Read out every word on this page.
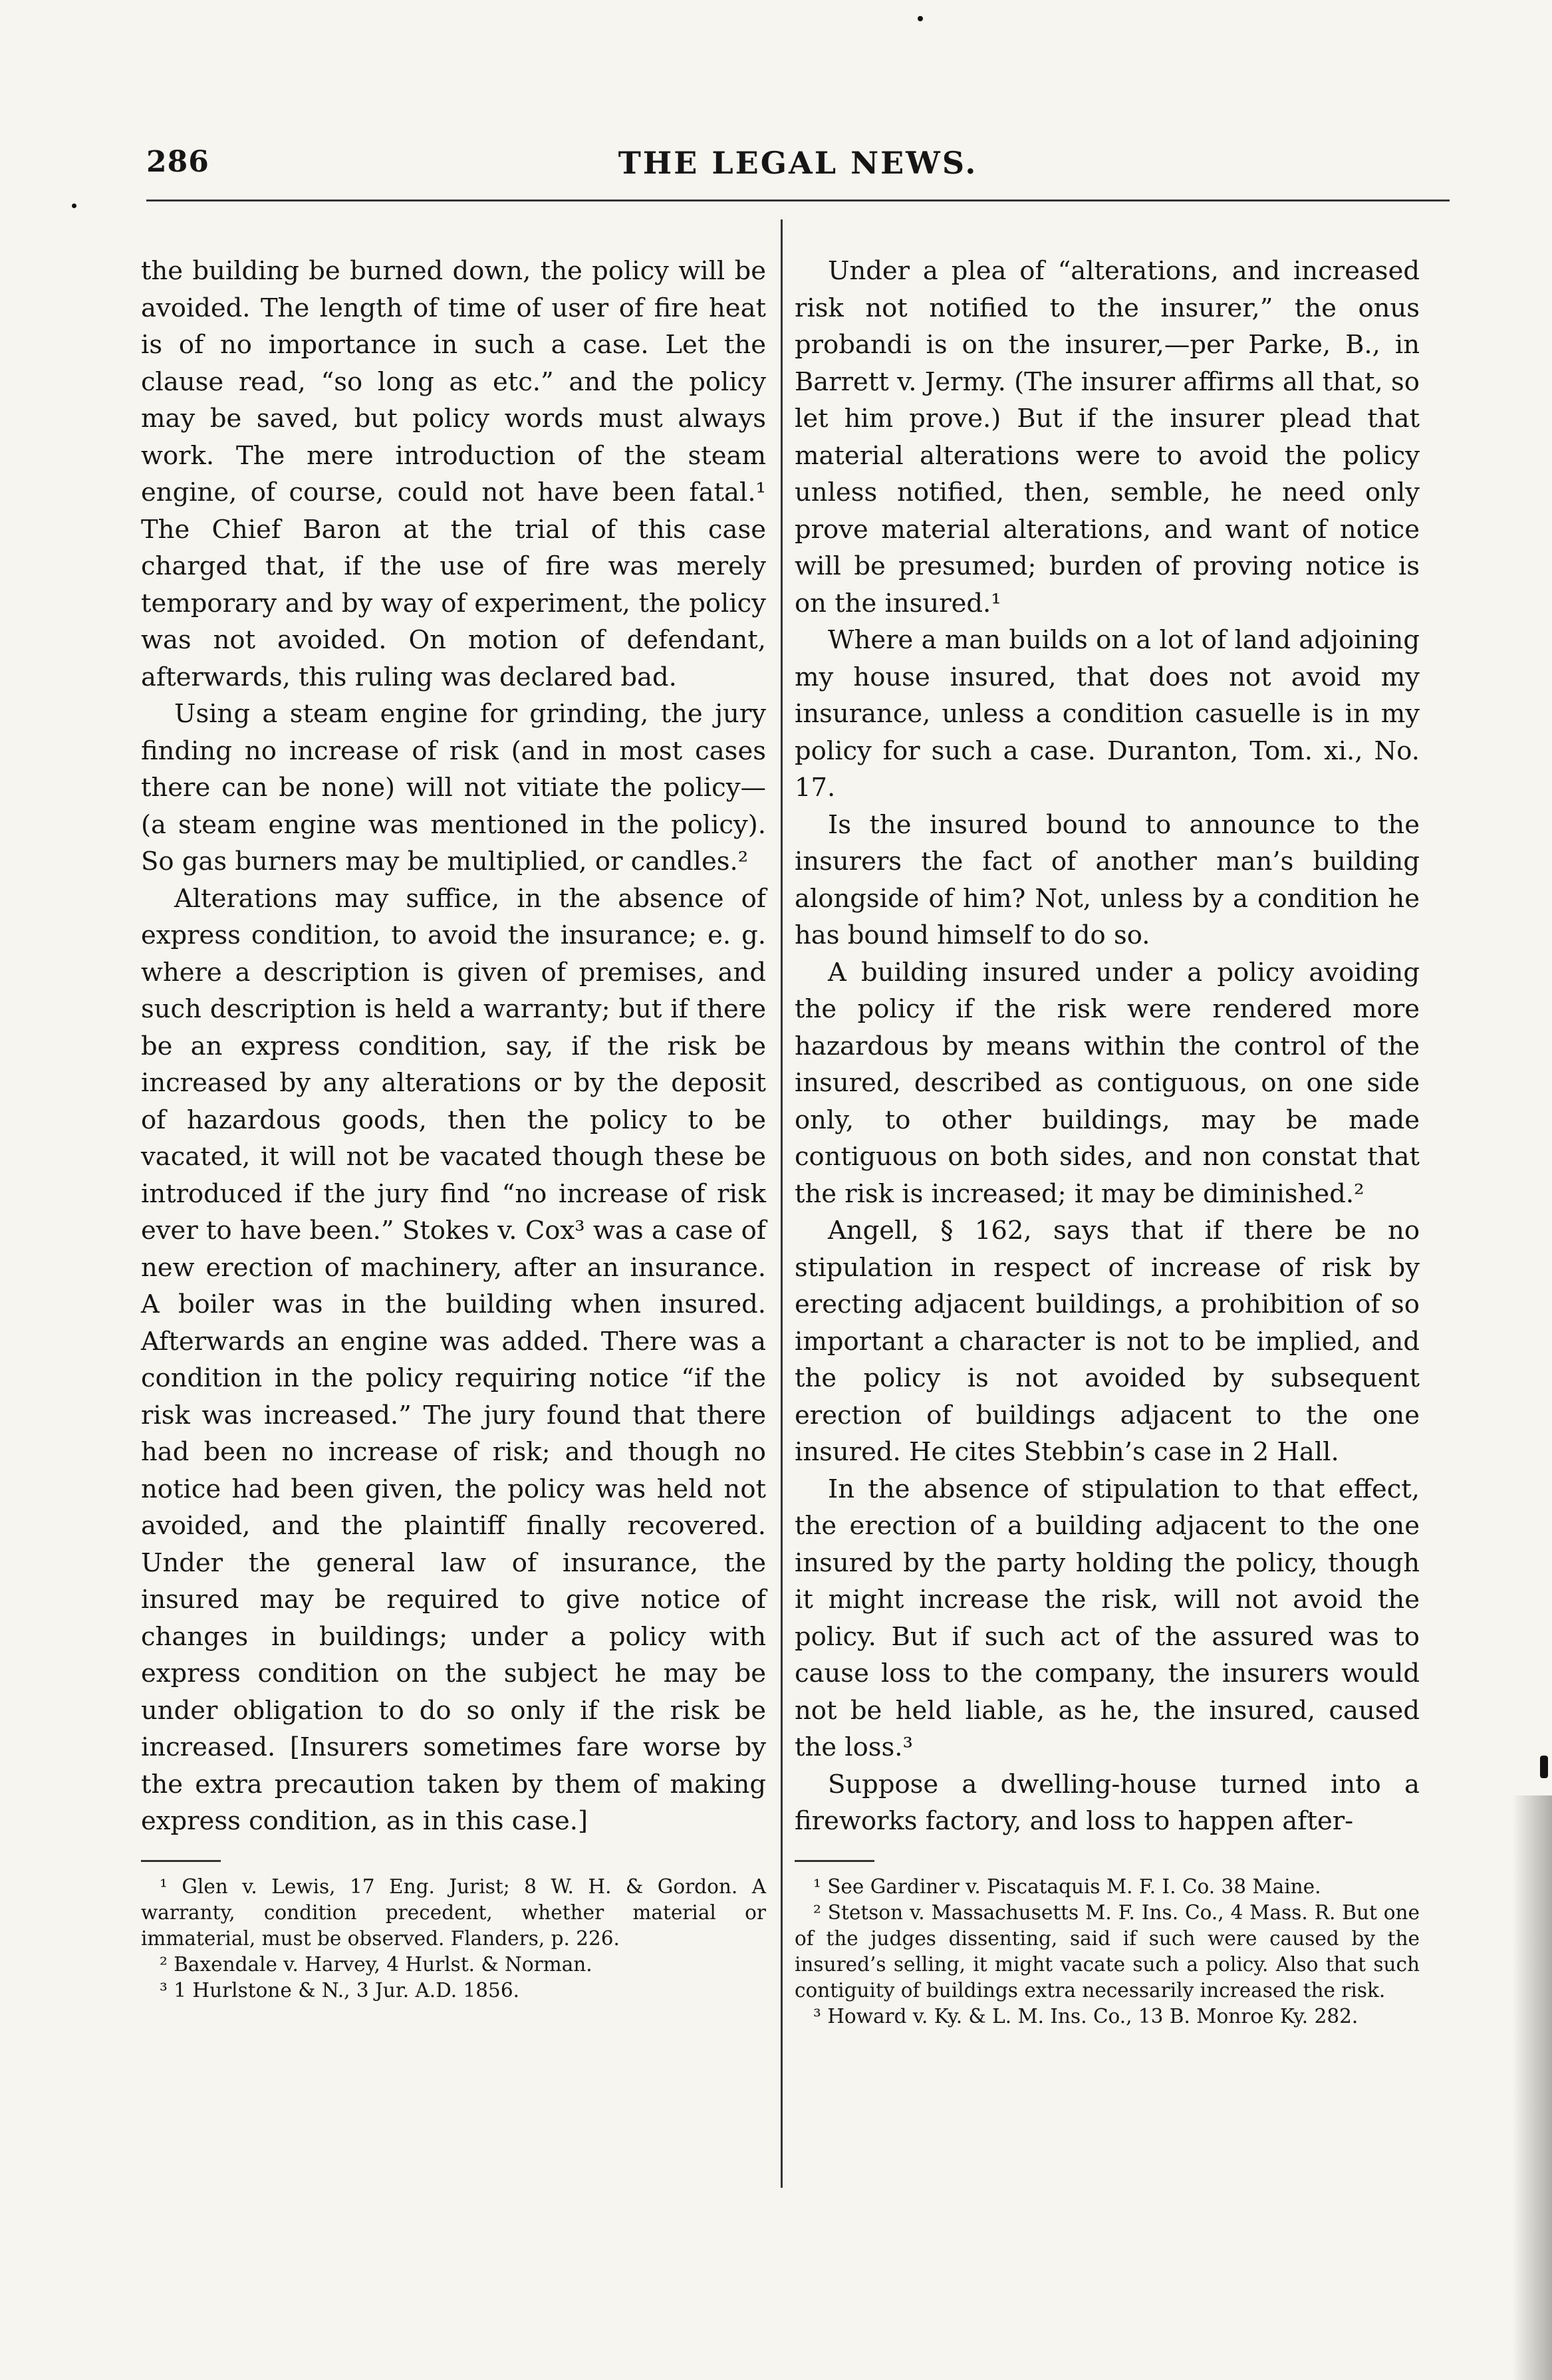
286	THE LEGAL NEWS.

the building be burned down, the policy will be avoided. The length of time of user of fire heat is of no importance in such a case. Let the clause read, “so long as etc.” and the policy may be saved, but policy words must always work. The mere introduction of the steam engine, of course, could not have been fatal.¹ The Chief Baron at the trial of this case charged that, if the use of fire was merely temporary and by way of experiment, the policy was not avoided. On motion of defendant, afterwards, this ruling was declared bad.

Using a steam engine for grinding, the jury finding no increase of risk (and in most cases there can be none) will not vitiate the policy—(a steam engine was mentioned in the policy). So gas burners may be multiplied, or candles.²

Alterations may suffice, in the absence of express condition, to avoid the insurance; e. g. where a description is given of premises, and such description is held a warranty; but if there be an express condition, say, if the risk be increased by any alterations or by the deposit of hazardous goods, then the policy to be vacated, it will not be vacated though these be introduced if the jury find “no increase of risk ever to have been.” Stokes v. Cox³ was a case of new erection of machinery, after an insurance. A boiler was in the building when insured. Afterwards an engine was added. There was a condition in the policy requiring notice “if the risk was increased.” The jury found that there had been no increase of risk; and though no notice had been given, the policy was held not avoided, and the plaintiff finally recovered. Under the general law of insurance, the insured may be required to give notice of changes in buildings; under a policy with express condition on the subject he may be under obligation to do so only if the risk be increased. [Insurers sometimes fare worse by the extra precaution taken by them of making express condition, as in this case.]

¹ Glen v. Lewis, 17 Eng. Jurist; 8 W. H. & Gordon. A warranty, condition precedent, whether material or immaterial, must be observed. Flanders, p. 226.

² Baxendale v. Harvey, 4 Hurlst. & Norman.

³ 1 Hurlstone & N., 3 Jur. A.D. 1856.

Under a plea of “alterations, and increased risk not notified to the insurer,” the onus probandi is on the insurer,—per Parke, B., in Barrett v. Jermy. (The insurer affirms all that, so let him prove.) But if the insurer plead that material alterations were to avoid the policy unless notified, then, semble, he need only prove material alterations, and want of notice will be presumed; burden of proving notice is on the insured.¹

Where a man builds on a lot of land adjoining my house insured, that does not avoid my insurance, unless a condition casuelle is in my policy for such a case. Duranton, Tom. xi., No. 17.

Is the insured bound to announce to the insurers the fact of another man’s building alongside of him? Not, unless by a condition he has bound himself to do so.

A building insured under a policy avoiding the policy if the risk were rendered more hazardous by means within the control of the insured, described as contiguous, on one side only, to other buildings, may be made contiguous on both sides, and non constat that the risk is increased; it may be diminished.²

Angell, § 162, says that if there be no stipulation in respect of increase of risk by erecting adjacent buildings, a prohibition of so important a character is not to be implied, and the policy is not avoided by subsequent erection of buildings adjacent to the one insured. He cites Stebbin’s case in 2 Hall.

In the absence of stipulation to that effect, the erection of a building adjacent to the one insured by the party holding the policy, though it might increase the risk, will not avoid the policy. But if such act of the assured was to cause loss to the company, the insurers would not be held liable, as he, the insured, caused the loss.³

Suppose a dwelling-house turned into a fireworks factory, and loss to happen after-

¹ See Gardiner v. Piscataquis M. F. I. Co. 38 Maine.

² Stetson v. Massachusetts M. F. Ins. Co., 4 Mass. R. But one of the judges dissenting, said if such were caused by the insured’s selling, it might vacate such a policy. Also that such contiguity of buildings extra necessarily increased the risk.

³ Howard v. Ky. & L. M. Ins. Co., 13 B. Monroe Ky. 282.
